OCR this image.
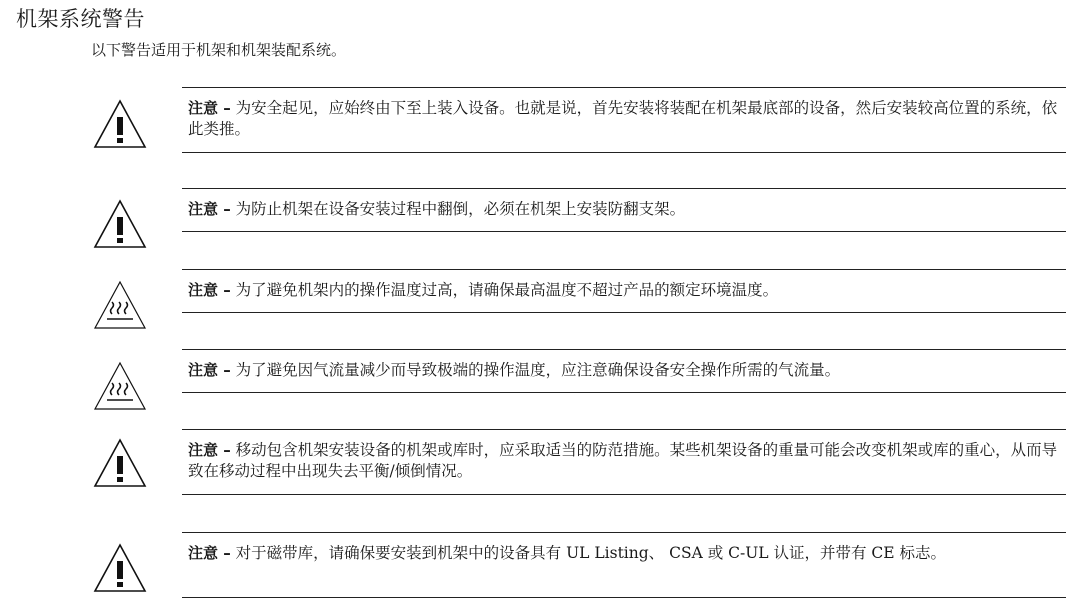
机架系统警告
以下警告适用于机架和机架装配系统。
注意 – 为安全起见，应始终由下至上装入设备。也就是说，首先安装将装配在机架最底部的设备，然后安装较高位置的系统，依此类推。
注意 – 为防止机架在设备安装过程中翻倒，必须在机架上安装防翻支架。
注意 – 为了避免机架内的操作温度过高，请确保最高温度不超过产品的额定环境温度。
注意 – 为了避免因气流量减少而导致极端的操作温度，应注意确保设备安全操作所需的气流量。
注意 – 移动包含机架安装设备的机架或库时，应采取适当的防范措施。某些机架设备的重量可能会改变机架或库的重心，从而导致在移动过程中出现失去平衡/倾倒情况。
注意 – 对于磁带库，请确保要安装到机架中的设备具有 UL Listing、 CSA 或 C-UL 认证，并带有 CE 标志。
